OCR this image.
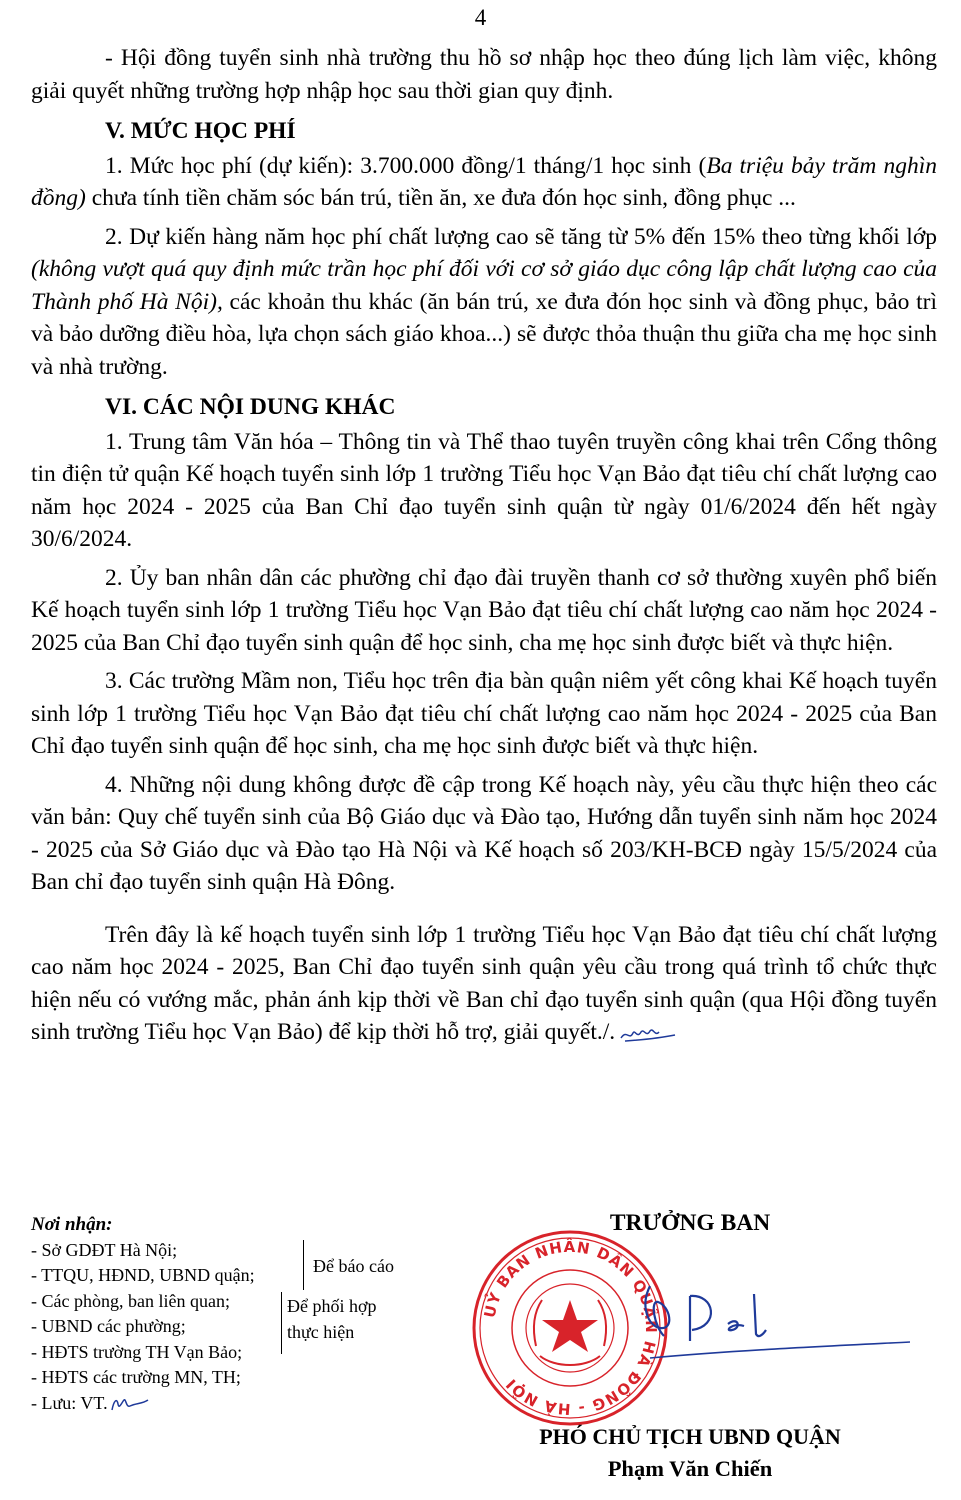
4

- Hội đồng tuyển sinh nhà trường thu hồ sơ nhập học theo đúng lịch làm việc, không giải quyết những trường hợp nhập học sau thời gian quy định.

V. MỨC HỌC PHÍ

1. Mức học phí (dự kiến): 3.700.000 đồng/1 tháng/1 học sinh (Ba triệu bảy trăm nghìn đồng) chưa tính tiền chăm sóc bán trú, tiền ăn, xe đưa đón học sinh, đồng phục ...

2. Dự kiến hàng năm học phí chất lượng cao sẽ tăng từ 5% đến 15% theo từng khối lớp (không vượt quá quy định mức trần học phí đối với cơ sở giáo dục công lập chất lượng cao của Thành phố Hà Nội), các khoản thu khác (ăn bán trú, xe đưa đón học sinh và đồng phục, bảo trì và bảo dưỡng điều hòa, lựa chọn sách giáo khoa...) sẽ được thỏa thuận thu giữa cha mẹ học sinh và nhà trường.

VI. CÁC NỘI DUNG KHÁC

1. Trung tâm Văn hóa – Thông tin và Thể thao tuyên truyền công khai trên Cổng thông tin điện tử quận Kế hoạch tuyển sinh lớp 1 trường Tiểu học Vạn Bảo đạt tiêu chí chất lượng cao năm học 2024 - 2025 của Ban Chỉ đạo tuyển sinh quận từ ngày 01/6/2024 đến hết ngày 30/6/2024.

2. Ủy ban nhân dân các phường chỉ đạo đài truyền thanh cơ sở thường xuyên phổ biến Kế hoạch tuyển sinh lớp 1 trường Tiểu học Vạn Bảo đạt tiêu chí chất lượng cao năm học 2024 - 2025 của Ban Chỉ đạo tuyển sinh quận để học sinh, cha mẹ học sinh được biết và thực hiện.

3. Các trường Mầm non, Tiểu học trên địa bàn quận niêm yết công khai Kế hoạch tuyển sinh lớp 1 trường Tiểu học Vạn Bảo đạt tiêu chí chất lượng cao năm học 2024 - 2025 của Ban Chỉ đạo tuyển sinh quận để học sinh, cha mẹ học sinh được biết và thực hiện.

4. Những nội dung không được đề cập trong Kế hoạch này, yêu cầu thực hiện theo các văn bản: Quy chế tuyển sinh của Bộ Giáo dục và Đào tạo, Hướng dẫn tuyển sinh năm học 2024 - 2025 của Sở Giáo dục và Đào tạo Hà Nội và Kế hoạch số 203/KH-BCĐ ngày 15/5/2024 của Ban chỉ đạo tuyển sinh quận Hà Đông.

Trên đây là kế hoạch tuyển sinh lớp 1 trường Tiểu học Vạn Bảo đạt tiêu chí chất lượng cao năm học 2024 - 2025, Ban Chỉ đạo tuyển sinh quận yêu cầu trong quá trình tổ chức thực hiện nếu có vướng mắc, phản ánh kịp thời về Ban chỉ đạo tuyển sinh quận (qua Hội đồng tuyển sinh trường Tiểu học Vạn Bảo) để kịp thời hỗ trợ, giải quyết./.

Nơi nhận:
- Sở GDĐT Hà Nội;
- TTQU, HĐND, UBND quận;
- Các phòng, ban liên quan;
- UBND các phường;
- HĐTS trường TH Vạn Bảo;
- HĐTS các trường MN, TH;
- Lưu: VT.
Để báo cáo
Để phối hợp
thực hiện
TRƯỞNG BAN
UỶ BAN NHÂN DÂN QUẬN HÀ ĐÔNG - HÀ NỘI
PHÓ CHỦ TỊCH UBND QUẬN
Phạm Văn Chiến
